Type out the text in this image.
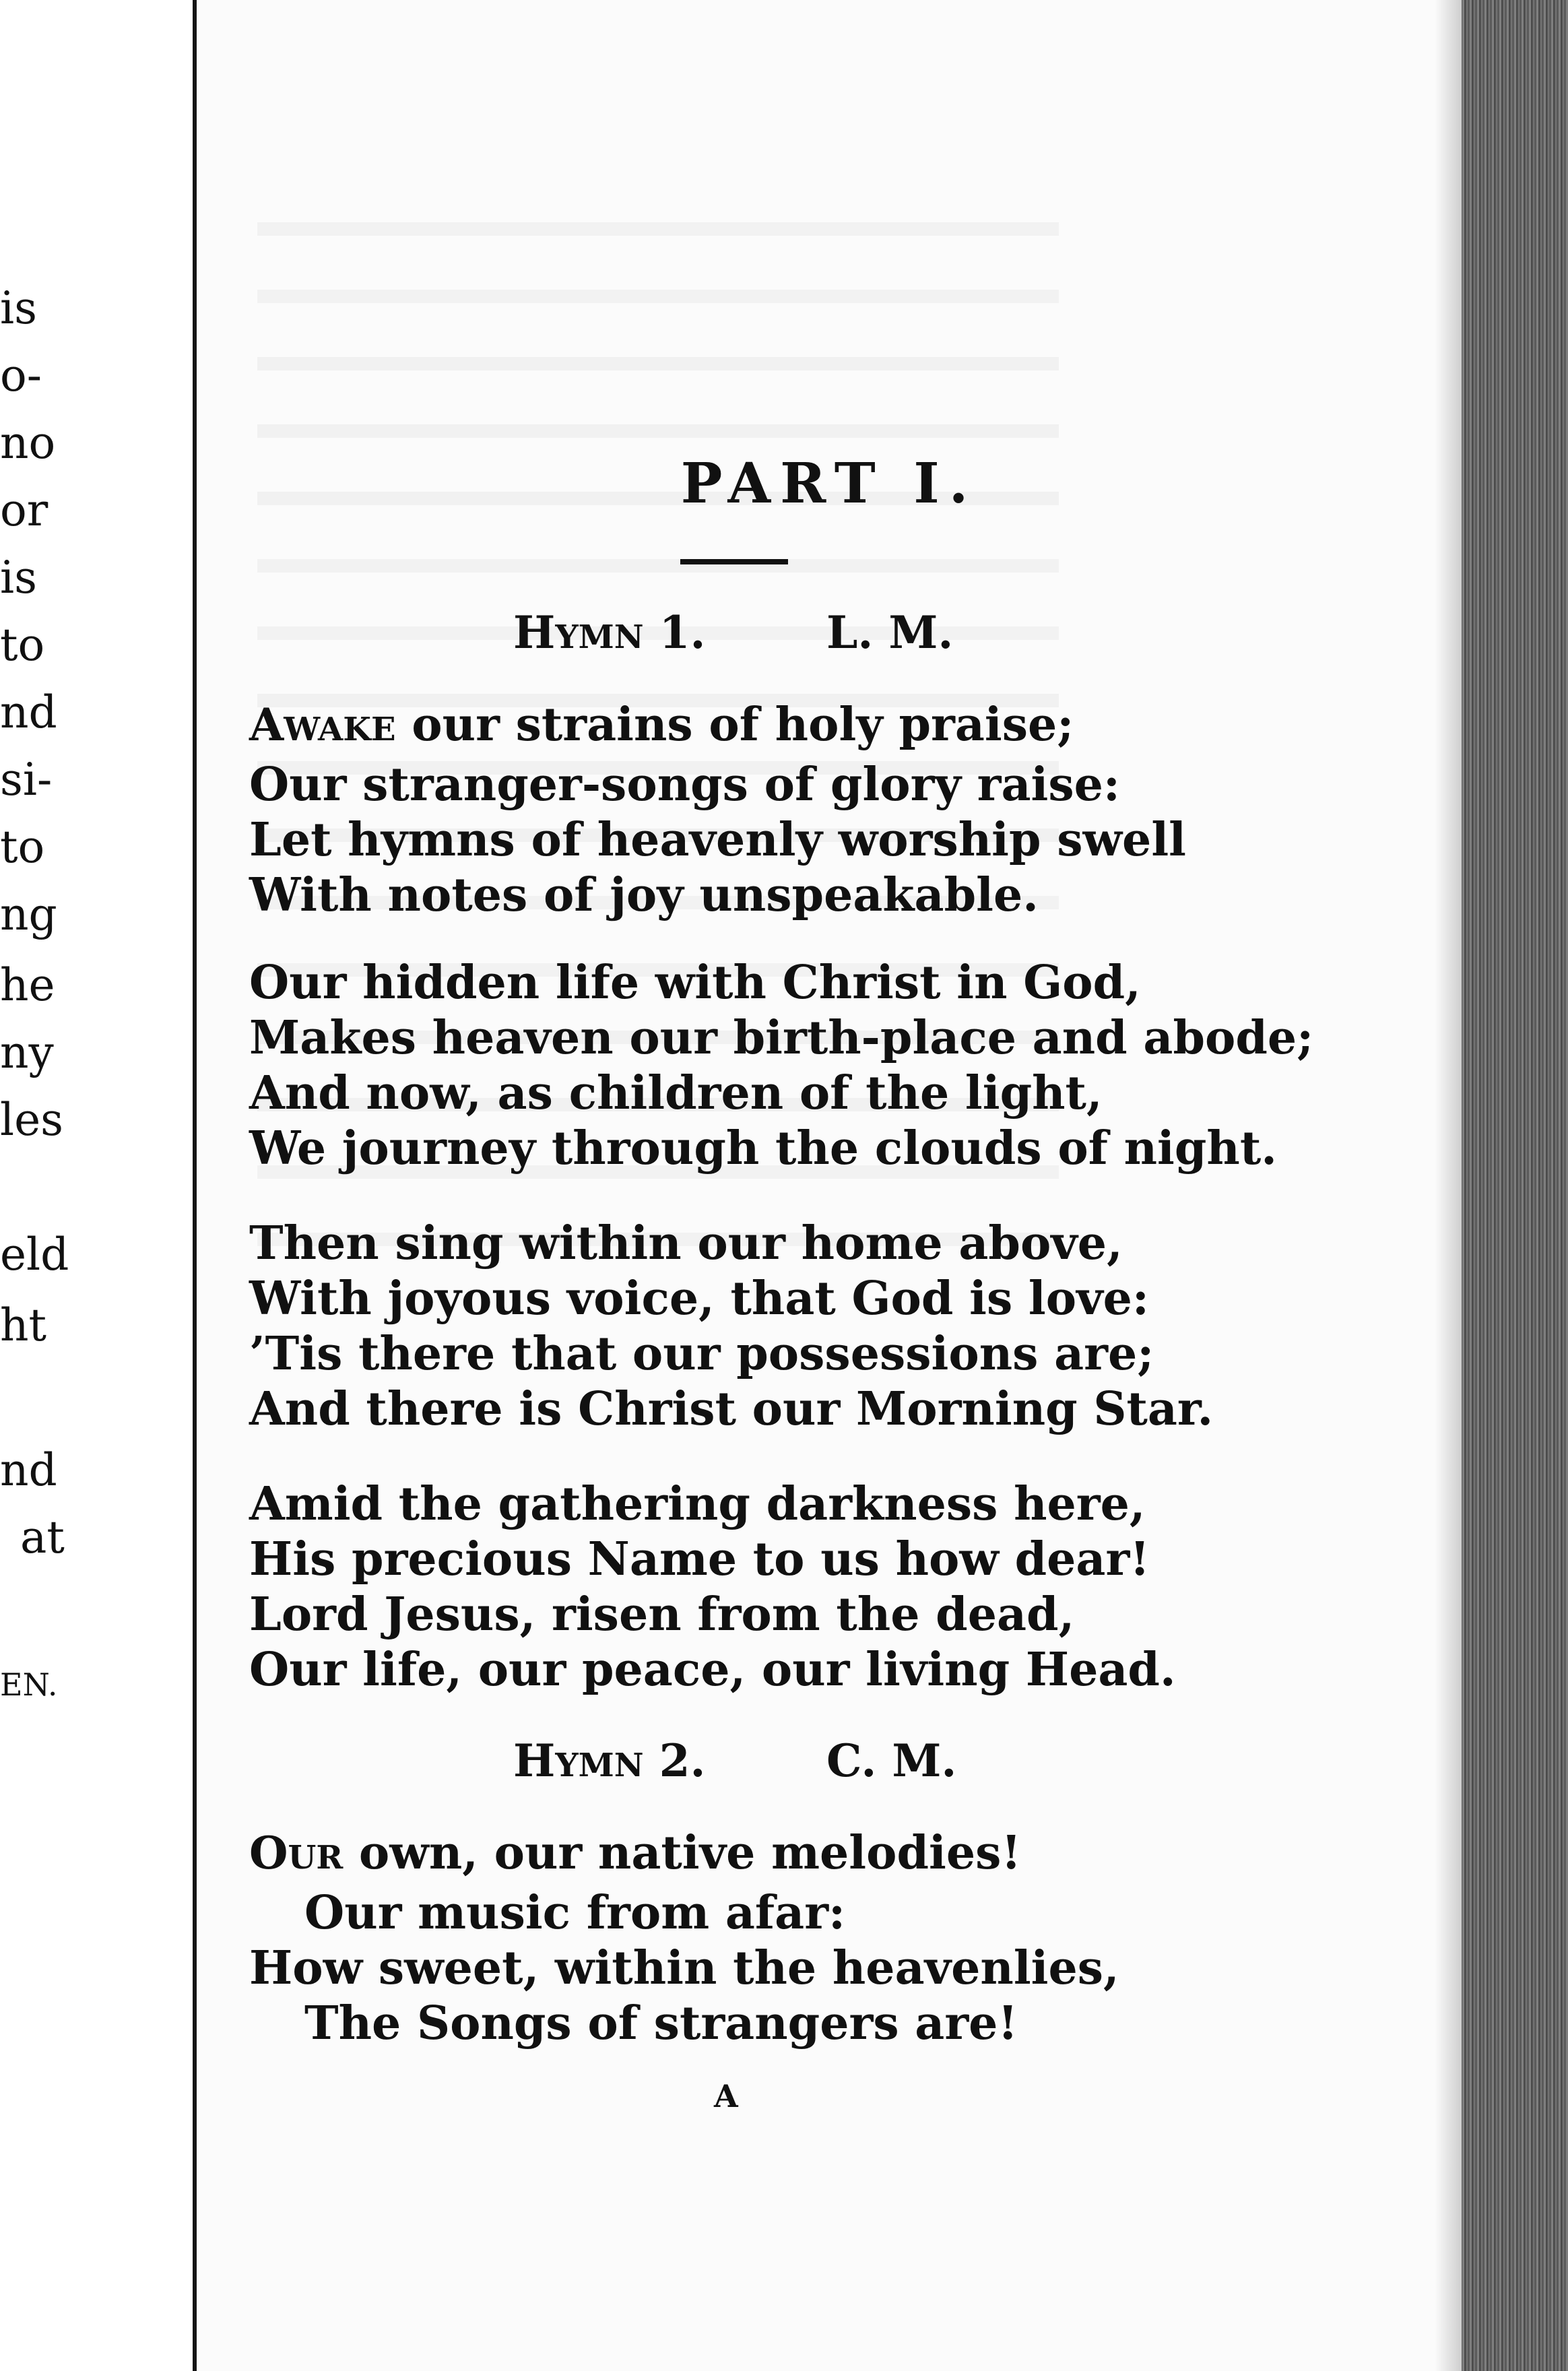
is
o-
no
or
is
to
nd
si-
to
ng
he
ny
les
eld
ht
nd
at
EN.
PART I.
HYMN 1.	L. M.
AWAKE our strains of holy praise;
Our stranger-songs of glory raise:
Let hymns of heavenly worship swell
With notes of joy unspeakable.
Our hidden life with Christ in God,
Makes heaven our birth-place and abode;
And now, as children of the light,
We journey through the clouds of night.
Then sing within our home above,
With joyous voice, that God is love:
’Tis there that our possessions are;
And there is Christ our Morning Star.
Amid the gathering darkness here,
His precious Name to us how dear!
Lord Jesus, risen from the dead,
Our life, our peace, our living Head.
HYMN 2.	C. M.
OUR own, our native melodies!
Our music from afar:
How sweet, within the heavenlies,
The Songs of strangers are!
A
